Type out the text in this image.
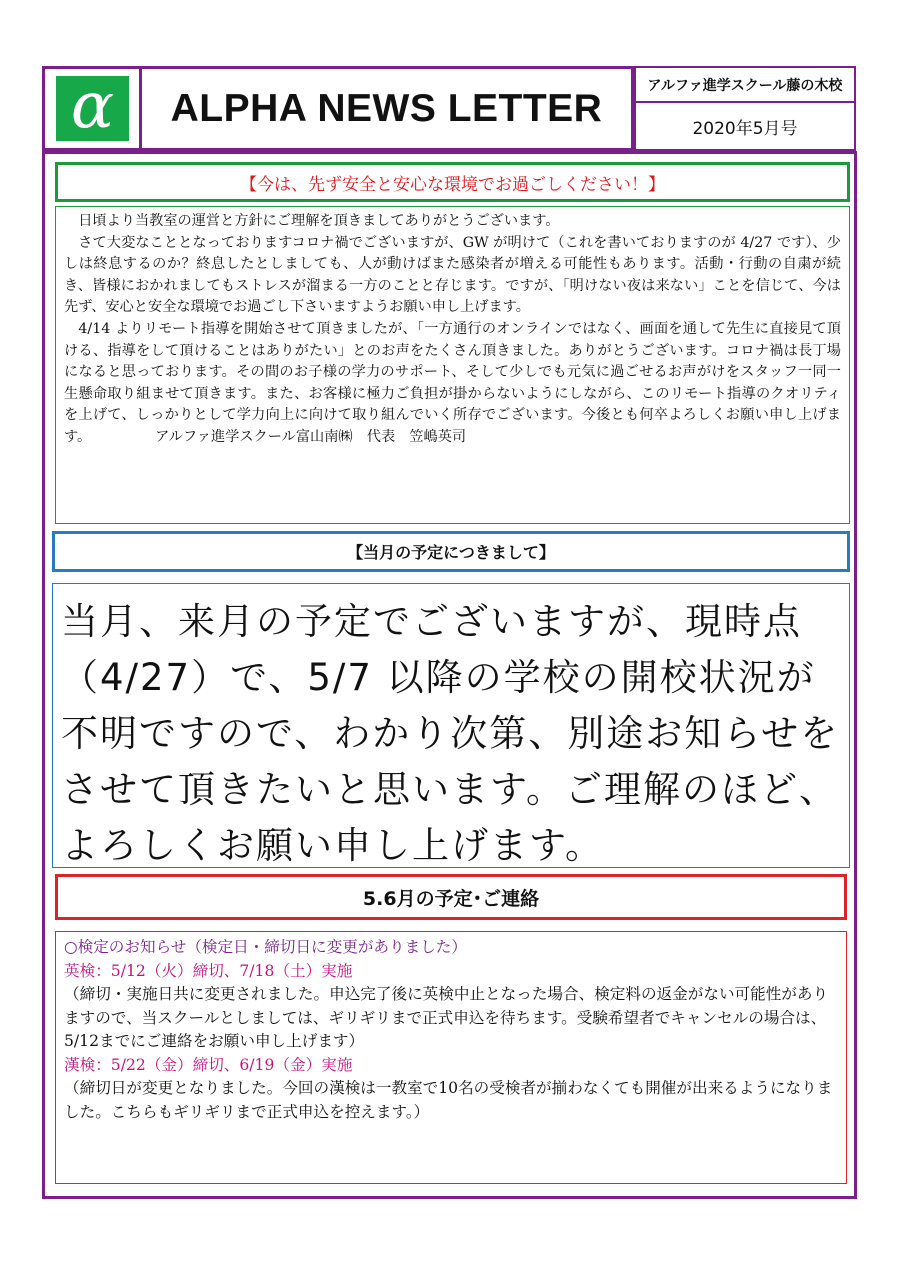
α ALPHA NEWS LETTER
アルファ進学スクール藤の木校
2020年5月号
【今は、先ず安全と安心な環境でお過ごしください！】

　日頃より当教室の運営と方針にご理解を頂きましてありがとうございます。

　さて大変なこととなっておりますコロナ禍でございますが、GW が明けて（これを書いておりますのが 4/27 です）、少しは終息するのか？終息したとしましても、人が動けばまた感染者が増える可能性もあります。活動・行動の自粛が続き、皆様におかれましてもストレスが溜まる一方のことと存じます。ですが、「明けない夜は来ない」ことを信じて、今は先ず、安心と安全な環境でお過ごし下さいますようお願い申し上げます。

　4/14 よりリモート指導を開始させて頂きましたが、「一方通行のオンラインではなく、画面を通して先生に直接見て頂ける、指導をして頂けることはありがたい」とのお声をたくさん頂きました。ありがとうございます。コロナ禍は長丁場になると思っております。その間のお子様の学力のサポート、そして少しでも元気に過ごせるお声がけをスタッフ一同一生懸命取り組ませて頂きます。また、お客様に極力ご負担が掛からないようにしながら、このリモート指導のクオリティを上げて、しっかりとして学力向上に向けて取り組んでいく所存でございます。今後とも何卒よろしくお願い申し上げます。　　　　　	アルファ進学スクール富山南㈱　代表　笠嶋英司

【当月の予定につきまして】

当月、来月の予定でございますが、現時点（4/27）で、5/7 以降の学校の開校状況が不明ですので、わかり次第、別途お知らせをさせて頂きたいと思います。ご理解のほど、よろしくお願い申し上げます。

5.6月の予定･ご連絡

○検定のお知らせ（検定日・締切日に変更がありました）

英検：5/12（火）締切、7/18（土）実施

（締切・実施日共に変更されました。申込完了後に英検中止となった場合、検定料の返金がない可能性がありますので、当スクールとしましては、ギリギリまで正式申込を待ちます。受験希望者でキャンセルの場合は、5/12までにご連絡をお願い申し上げます）

漢検：5/22（金）締切、6/19（金）実施

（締切日が変更となりました。今回の漢検は一教室で10名の受検者が揃わなくても開催が出来るようになりました。こちらもギリギリまで正式申込を控えます。）
